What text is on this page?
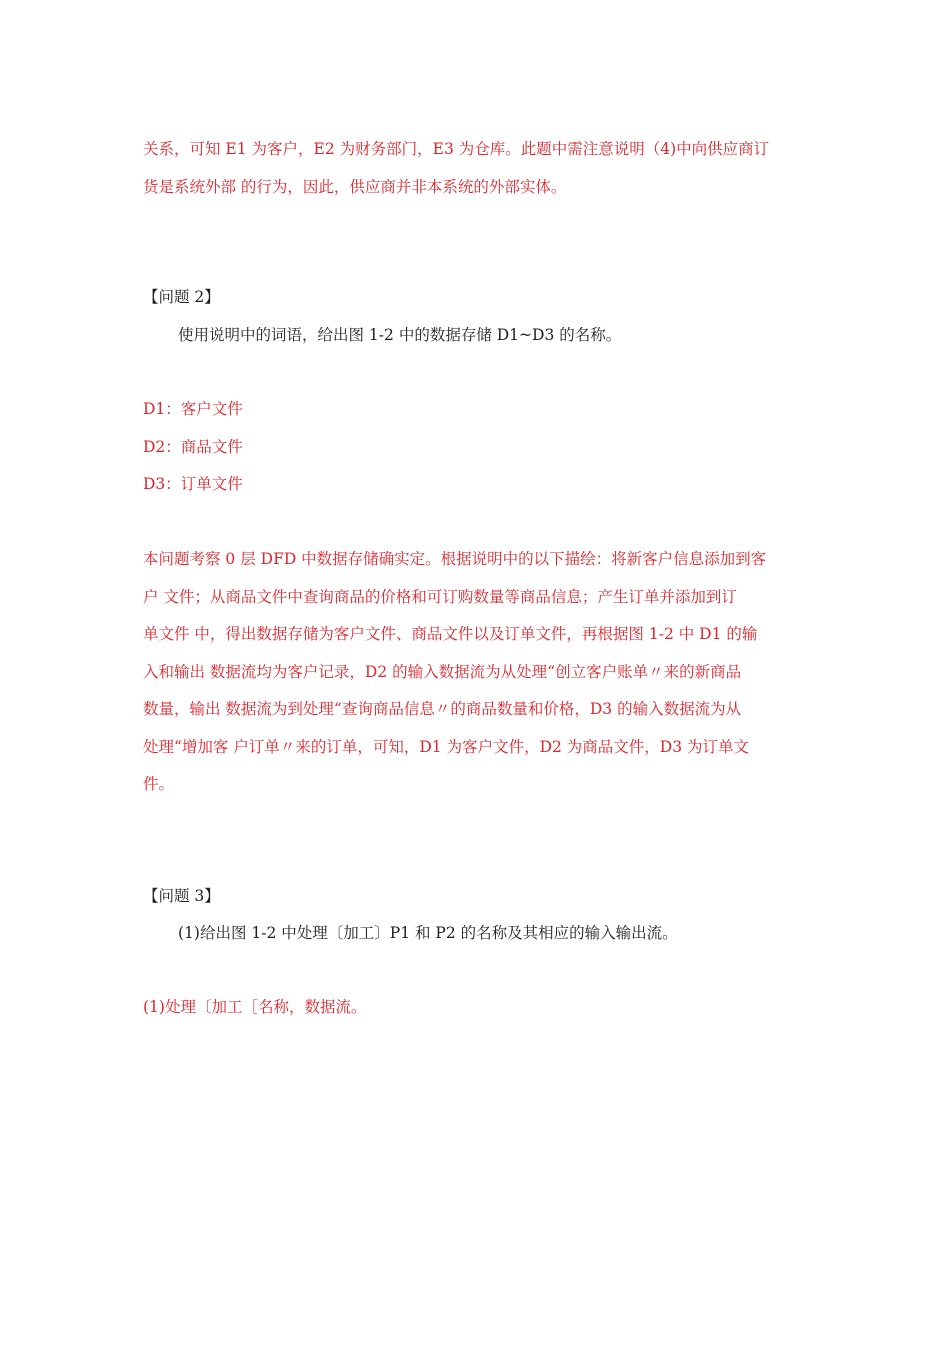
关系，可知 E1 为客户，E2 为财务部门，E3 为仓库。此题中需注意说明（4)中向供应商订
货是系统外部 的行为，因此，供应商并非本系统的外部实体。
【问题 2】
使用说明中的词语，给出图 1-2 中的数据存储 D1~D3 的名称。
D1：客户文件
D2：商品文件
D3：订单文件
本问题考察 0 层 DFD 中数据存储确实定。根据说明中的以下描绘：将新客户信息添加到客
户 文件；从商品文件中查询商品的价格和可订购数量等商品信息；产生订单并添加到订
单文件 中，得出数据存储为客户文件、商品文件以及订单文件，再根据图 1-2 中 D1 的输
入和输出 数据流均为客户记录，D2 的输入数据流为从处理“创立客户账单〃来的新商品
数量，输出 数据流为到处理“查询商品信息〃的商品数量和价格，D3 的输入数据流为从
处理“增加客 户订单〃来的订单，可知，D1 为客户文件，D2 为商品文件，D3 为订单文
件。
【问题 3】
(1)给出图 1-2 中处理〔加工〕P1 和 P2 的名称及其相应的输入输出流。
(1)处理〔加工［名称，数据流。
